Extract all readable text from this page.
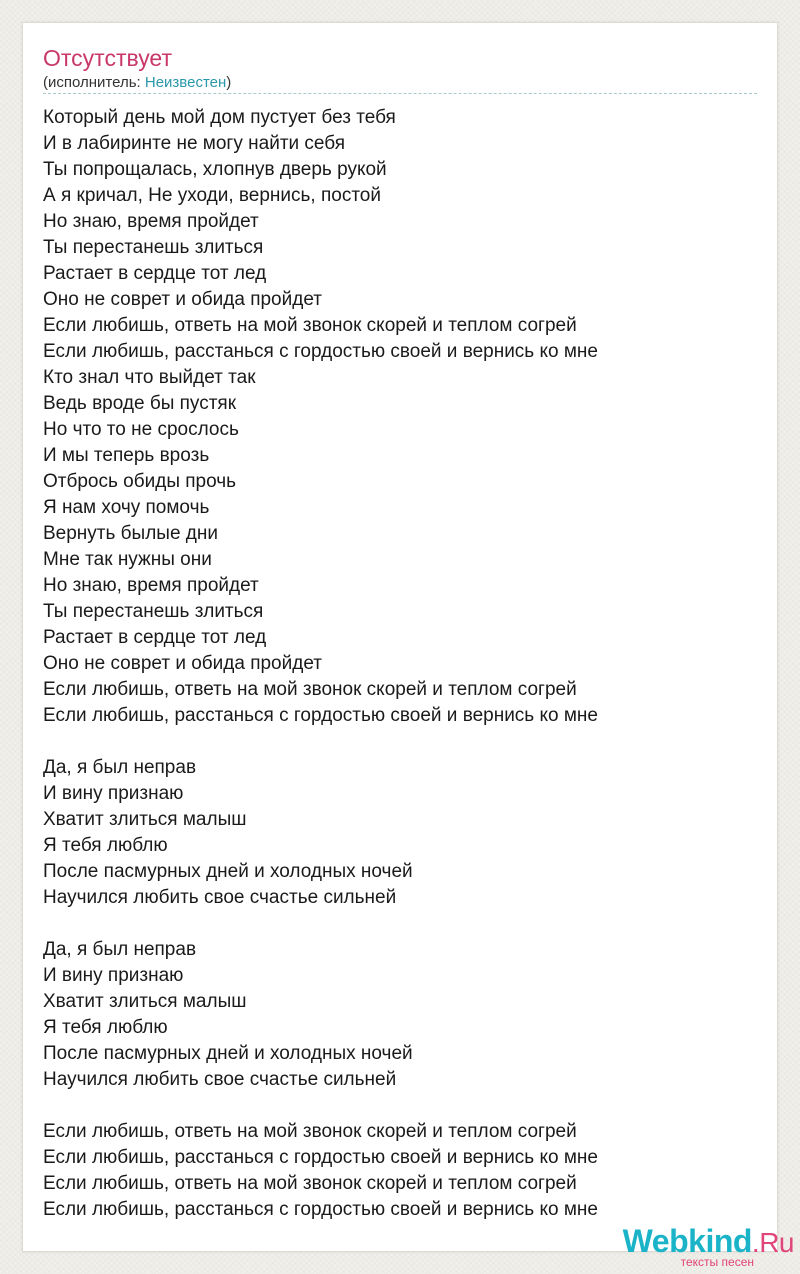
Отсутствует
(исполнитель: Неизвестен)
Который день мой дом пустует без тебя
И в лабиринте не могу найти себя
Ты попрощалась, хлопнув дверь рукой
А я кричал, Не уходи, вернись, постой
Но знаю, время пройдет
Ты перестанешь злиться
Растает в сердце тот лед
Оно не соврет и обида пройдет
Если любишь, ответь на мой звонок скорей и теплом согрей
Если любишь, расстанься с гордостью своей и вернись ко мне
Кто знал что выйдет так
Ведь вроде бы пустяк
Но что то не срослось
И мы теперь врозь
Отбрось обиды прочь
Я нам хочу помочь
Вернуть былые дни
Мне так нужны они
Но знаю, время пройдет
Ты перестанешь злиться
Растает в сердце тот лед
Оно не соврет и обида пройдет
Если любишь, ответь на мой звонок скорей и теплом согрей
Если любишь, расстанься с гордостью своей и вернись ко мне
Да, я был неправ
И вину признаю
Хватит злиться малыш
Я тебя люблю
После пасмурных дней и холодных ночей
Научился любить свое счастье сильней
Да, я был неправ
И вину признаю
Хватит злиться малыш
Я тебя люблю
После пасмурных дней и холодных ночей
Научился любить свое счастье сильней
Если любишь, ответь на мой звонок скорей и теплом согрей
Если любишь, расстанься с гордостью своей и вернись ко мне
Если любишь, ответь на мой звонок скорей и теплом согрей
Если любишь, расстанься с гордостью своей и вернись ко мне
Webkind.Ru
тексты песен
